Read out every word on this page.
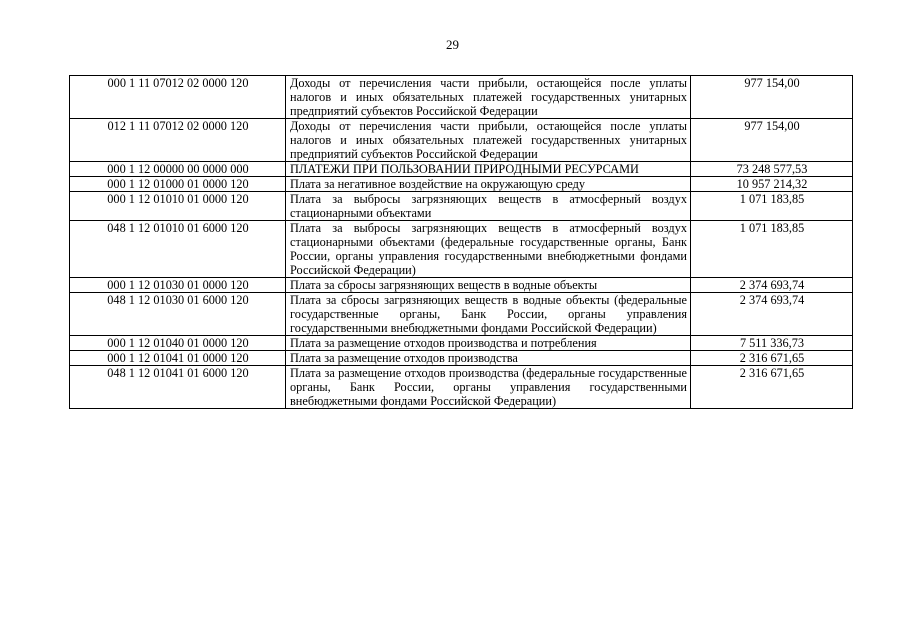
29
000 1 11 07012 02 0000 120	Доходы от перечисления части прибыли, остающейся после уплаты налогов и иных обязательных платежей государственных унитарных предприятий субъектов Российской Федерации	977 154,00
012 1 11 07012 02 0000 120	Доходы от перечисления части прибыли, остающейся после уплаты налогов и иных обязательных платежей государственных унитарных предприятий субъектов Российской Федерации	977 154,00
000 1 12 00000 00 0000 000	ПЛАТЕЖИ ПРИ ПОЛЬЗОВАНИИ ПРИРОДНЫМИ РЕСУРСАМИ	73 248 577,53
000 1 12 01000 01 0000 120	Плата за негативное воздействие на окружающую среду	10 957 214,32
000 1 12 01010 01 0000 120	Плата за выбросы загрязняющих веществ в атмосферный воздух стационарными объектами	1 071 183,85
048 1 12 01010 01 6000 120	Плата за выбросы загрязняющих веществ в атмосферный воздух стационарными объектами (федеральные государственные органы, Банк России, органы управления государственными внебюджетными фондами Российской Федерации)	1 071 183,85
000 1 12 01030 01 0000 120	Плата за сбросы загрязняющих веществ в водные объекты	2 374 693,74
048 1 12 01030 01 6000 120	Плата за сбросы загрязняющих веществ в водные объекты (федеральные государственные органы, Банк России, органы управления государственными внебюджетными фондами Российской Федерации)	2 374 693,74
000 1 12 01040 01 0000 120	Плата за размещение отходов производства и потребления	7 511 336,73
000 1 12 01041 01 0000 120	Плата за размещение отходов производства	2 316 671,65
048 1 12 01041 01 6000 120	Плата за размещение отходов производства (федеральные государственные органы, Банк России, органы управления государственными внебюджетными фондами Российской Федерации)	2 316 671,65
